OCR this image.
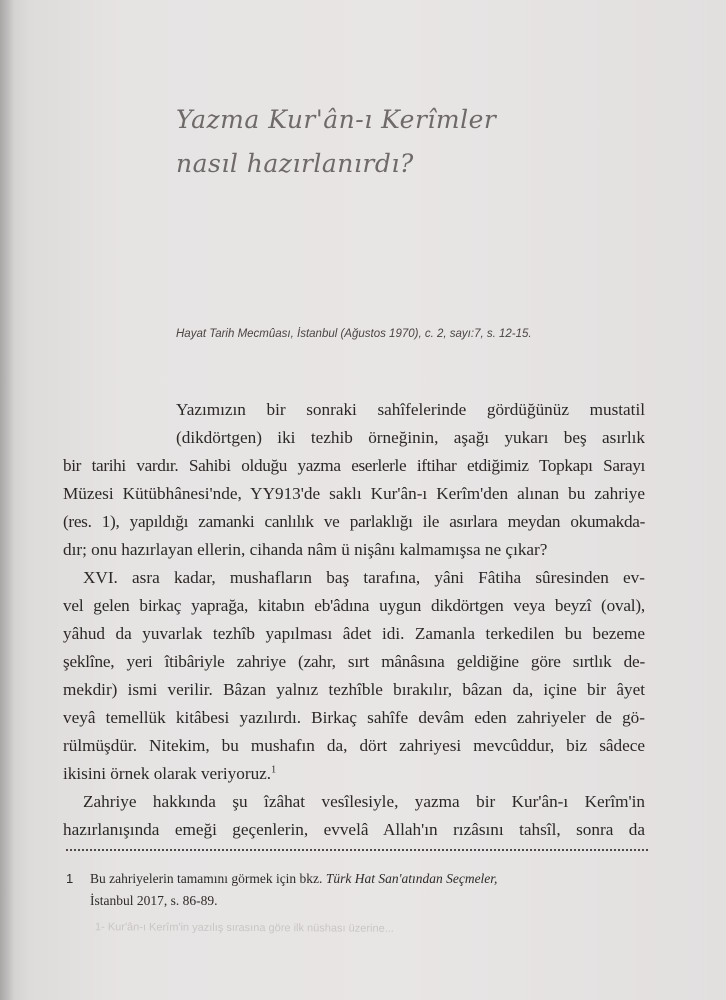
Yazma Kur'ân-ı Kerîmler
nasıl hazırlanırdı?
Hayat Tarih Mecmûası, İstanbul (Ağustos 1970), c. 2, sayı:7, s. 12-15.
Yazımızın bir sonraki sahîfelerinde gördüğünüz mustatil
(dikdörtgen) iki tezhib örneğinin, aşağı yukarı beş asırlık
bir tarihi vardır. Sahibi olduğu yazma eserlerle iftihar etdiğimiz Topkapı Sarayı
Müzesi Kütübhânesi'nde, YY913'de saklı Kur'ân-ı Kerîm'den alınan bu zahriye
(res. 1), yapıldığı zamanki canlılık ve parlaklığı ile asırlara meydan okumakda-
dır; onu hazırlayan ellerin, cihanda nâm ü nişânı kalmamışsa ne çıkar?
XVI. asra kadar, mushafların baş tarafına, yâni Fâtiha sûresinden ev-
vel gelen birkaç yaprağa, kitabın eb'âdına uygun dikdörtgen veya beyzî (oval),
yâhud da yuvarlak tezhîb yapılması âdet idi. Zamanla terkedilen bu bezeme
şeklîne, yeri îtibâriyle zahriye (zahr, sırt mânâsına geldiğine göre sırtlık de-
mekdir) ismi verilir. Bâzan yalnız tezhîble bırakılır, bâzan da, içine bir âyet
veyâ temellük kitâbesi yazılırdı. Birkaç sahîfe devâm eden zahriyeler de gö-
rülmüşdür. Nitekim, bu mushafın da, dört zahriyesi mevcûddur, biz sâdece
ikisini örnek olarak veriyoruz.$^1$
Zahriye hakkında şu îzâhat vesîlesiyle, yazma bir Kur'ân-ı Kerîm'in
hazırlanışında emeği geçenlerin, evvelâ Allah'ın rızâsını tahsîl, sonra da
1 Bu zahriyelerin tamamını görmek için bkz. Türk Hat San'atından Seçmeler,
İstanbul 2017, s. 86-89.
1- Kur'ân-ı Kerîm'in yazılış sırasına göre ilk nüshası üzerine...
